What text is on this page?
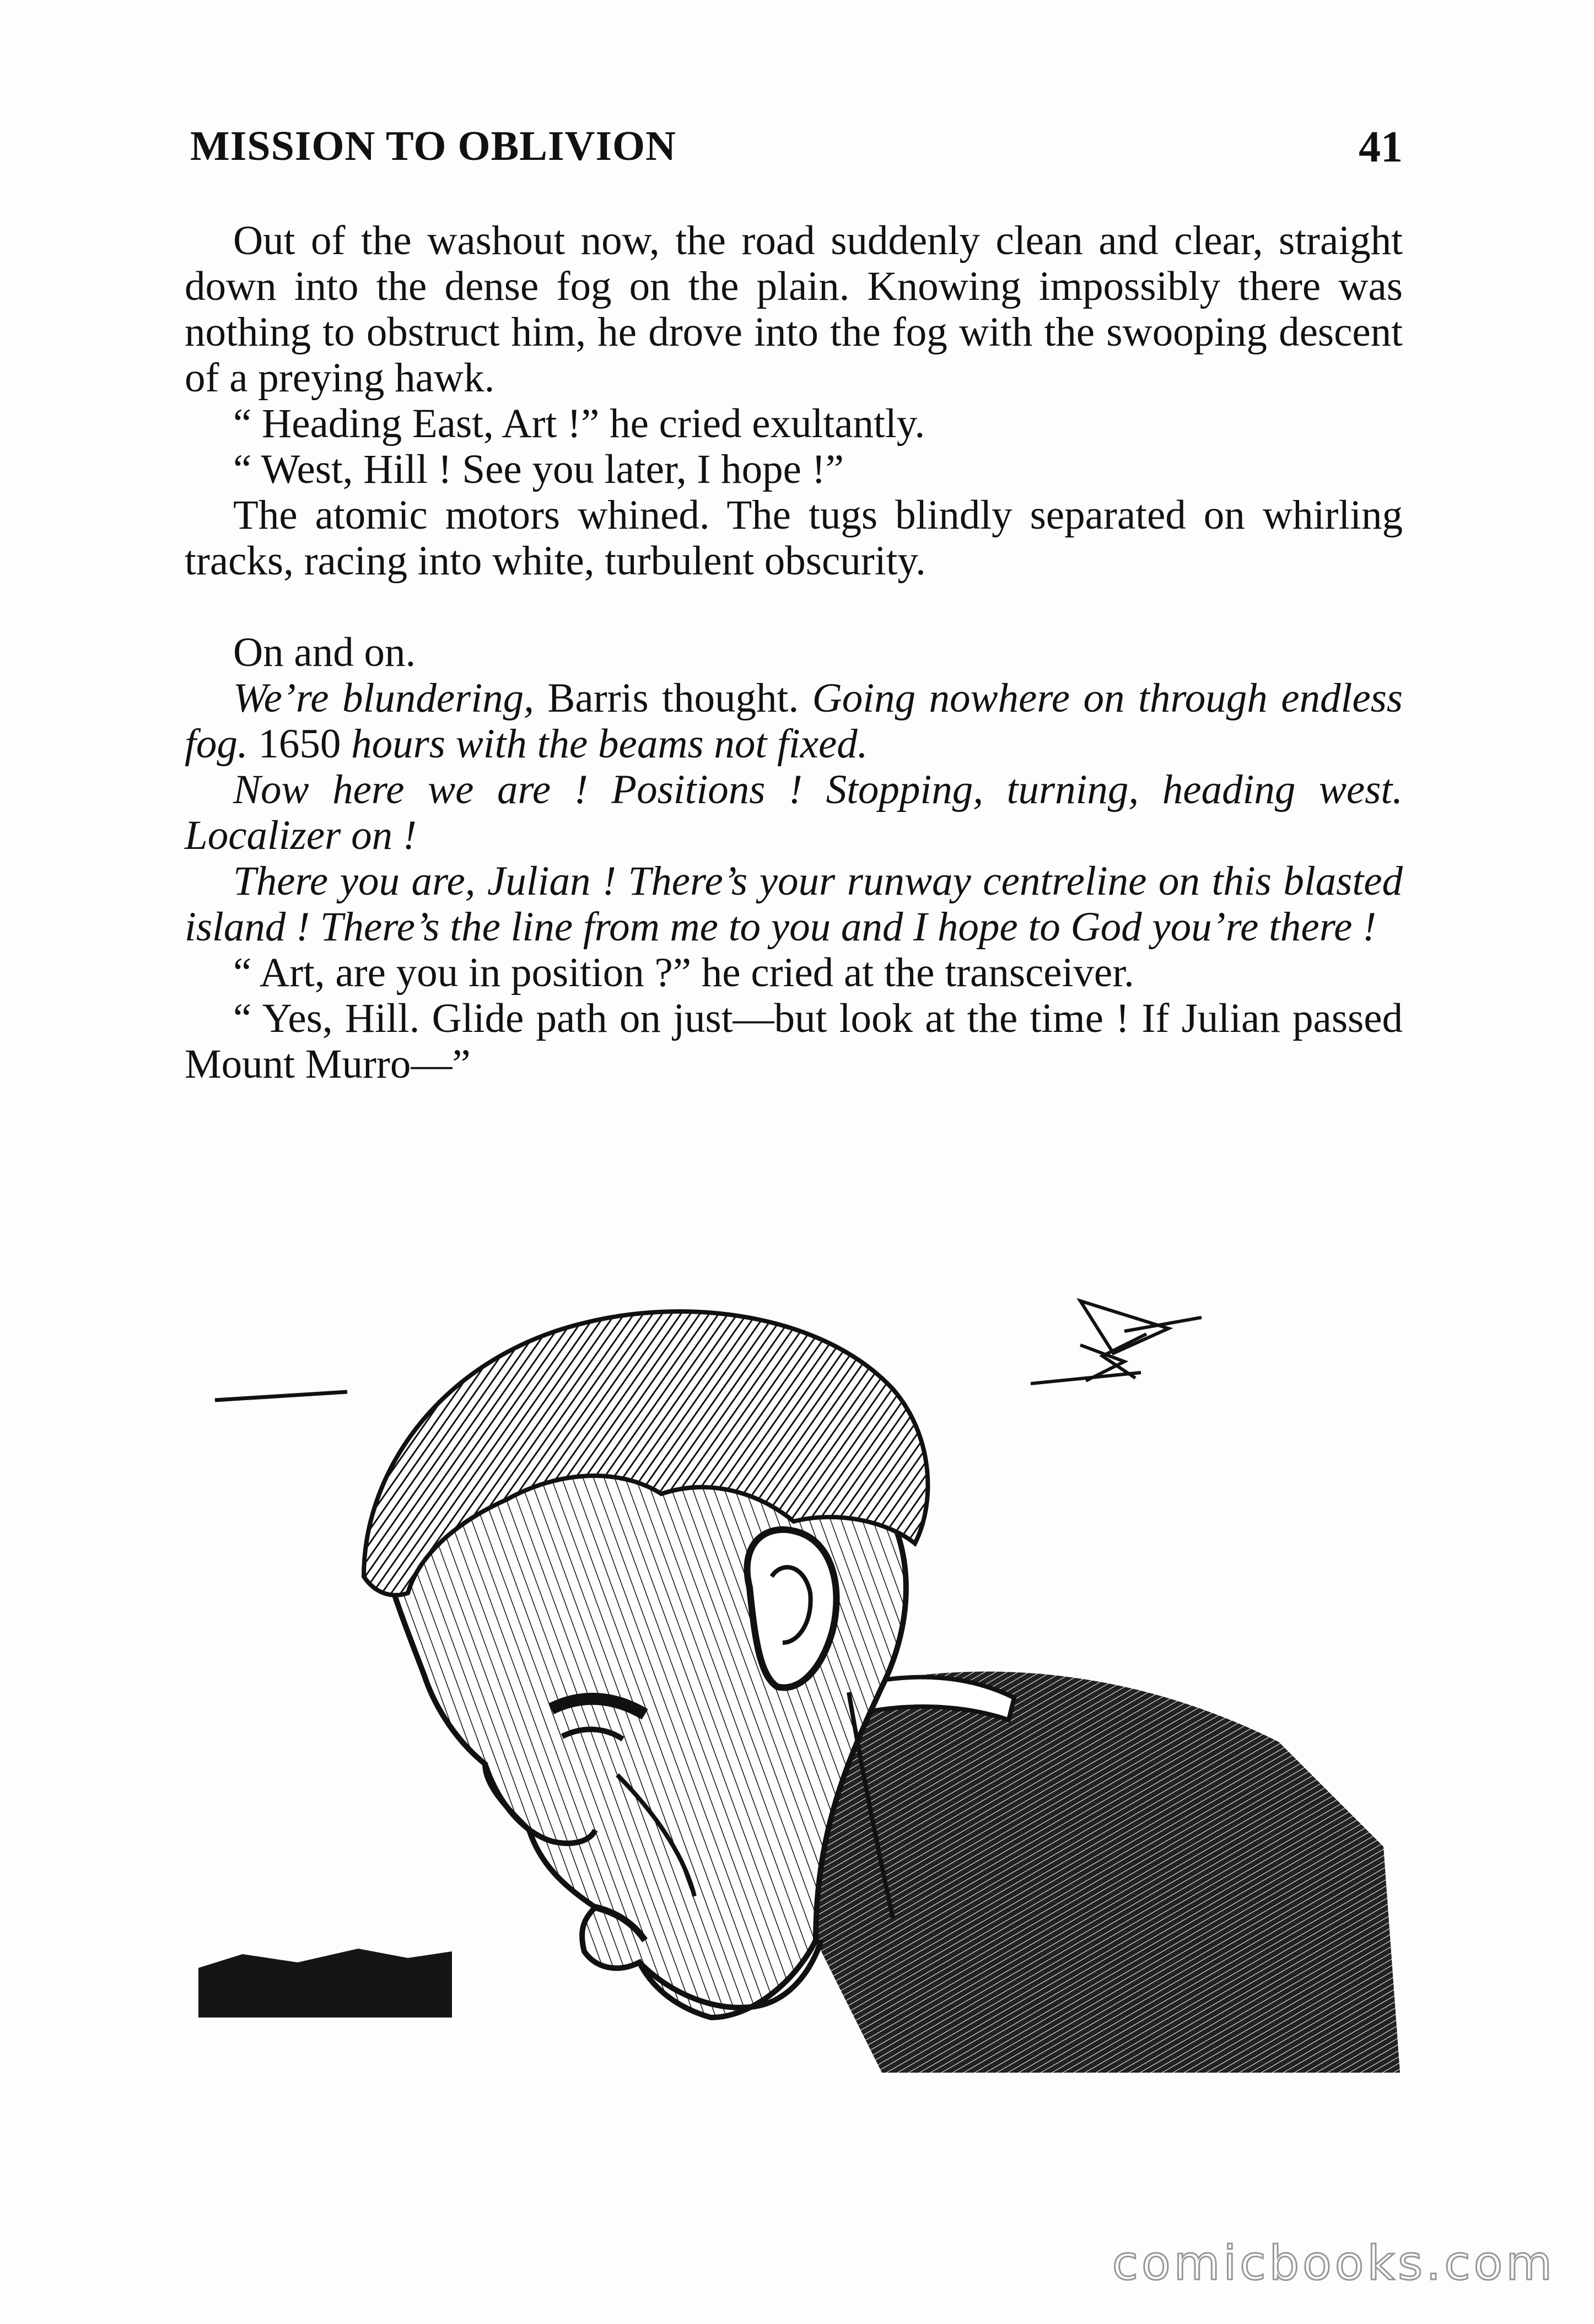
MISSION TO OBLIVION	41

Out of the washout now, the road suddenly clean and clear, straight down into the dense fog on the plain. Knowing impossibly there was nothing to obstruct him, he drove into the fog with the swooping descent of a preying hawk.

“ Heading East, Art !” he cried exultantly.

“ West, Hill ! See you later, I hope !”

The atomic motors whined. The tugs blindly separated on whirling tracks, racing into white, turbulent obscurity.

On and on.

We’re blundering, Barris thought. Going nowhere on through endless fog. 1650 hours with the beams not fixed.

Now here we are ! Positions ! Stopping, turning, heading west. Localizer on !

There you are, Julian ! There’s your runway centreline on this blasted island ! There’s the line from me to you and I hope to God you’re there !

“ Art, are you in position ?” he cried at the transceiver.

“ Yes, Hill. Glide path on just—but look at the time ! If Julian passed Mount Murro—”

comicbooks.com
